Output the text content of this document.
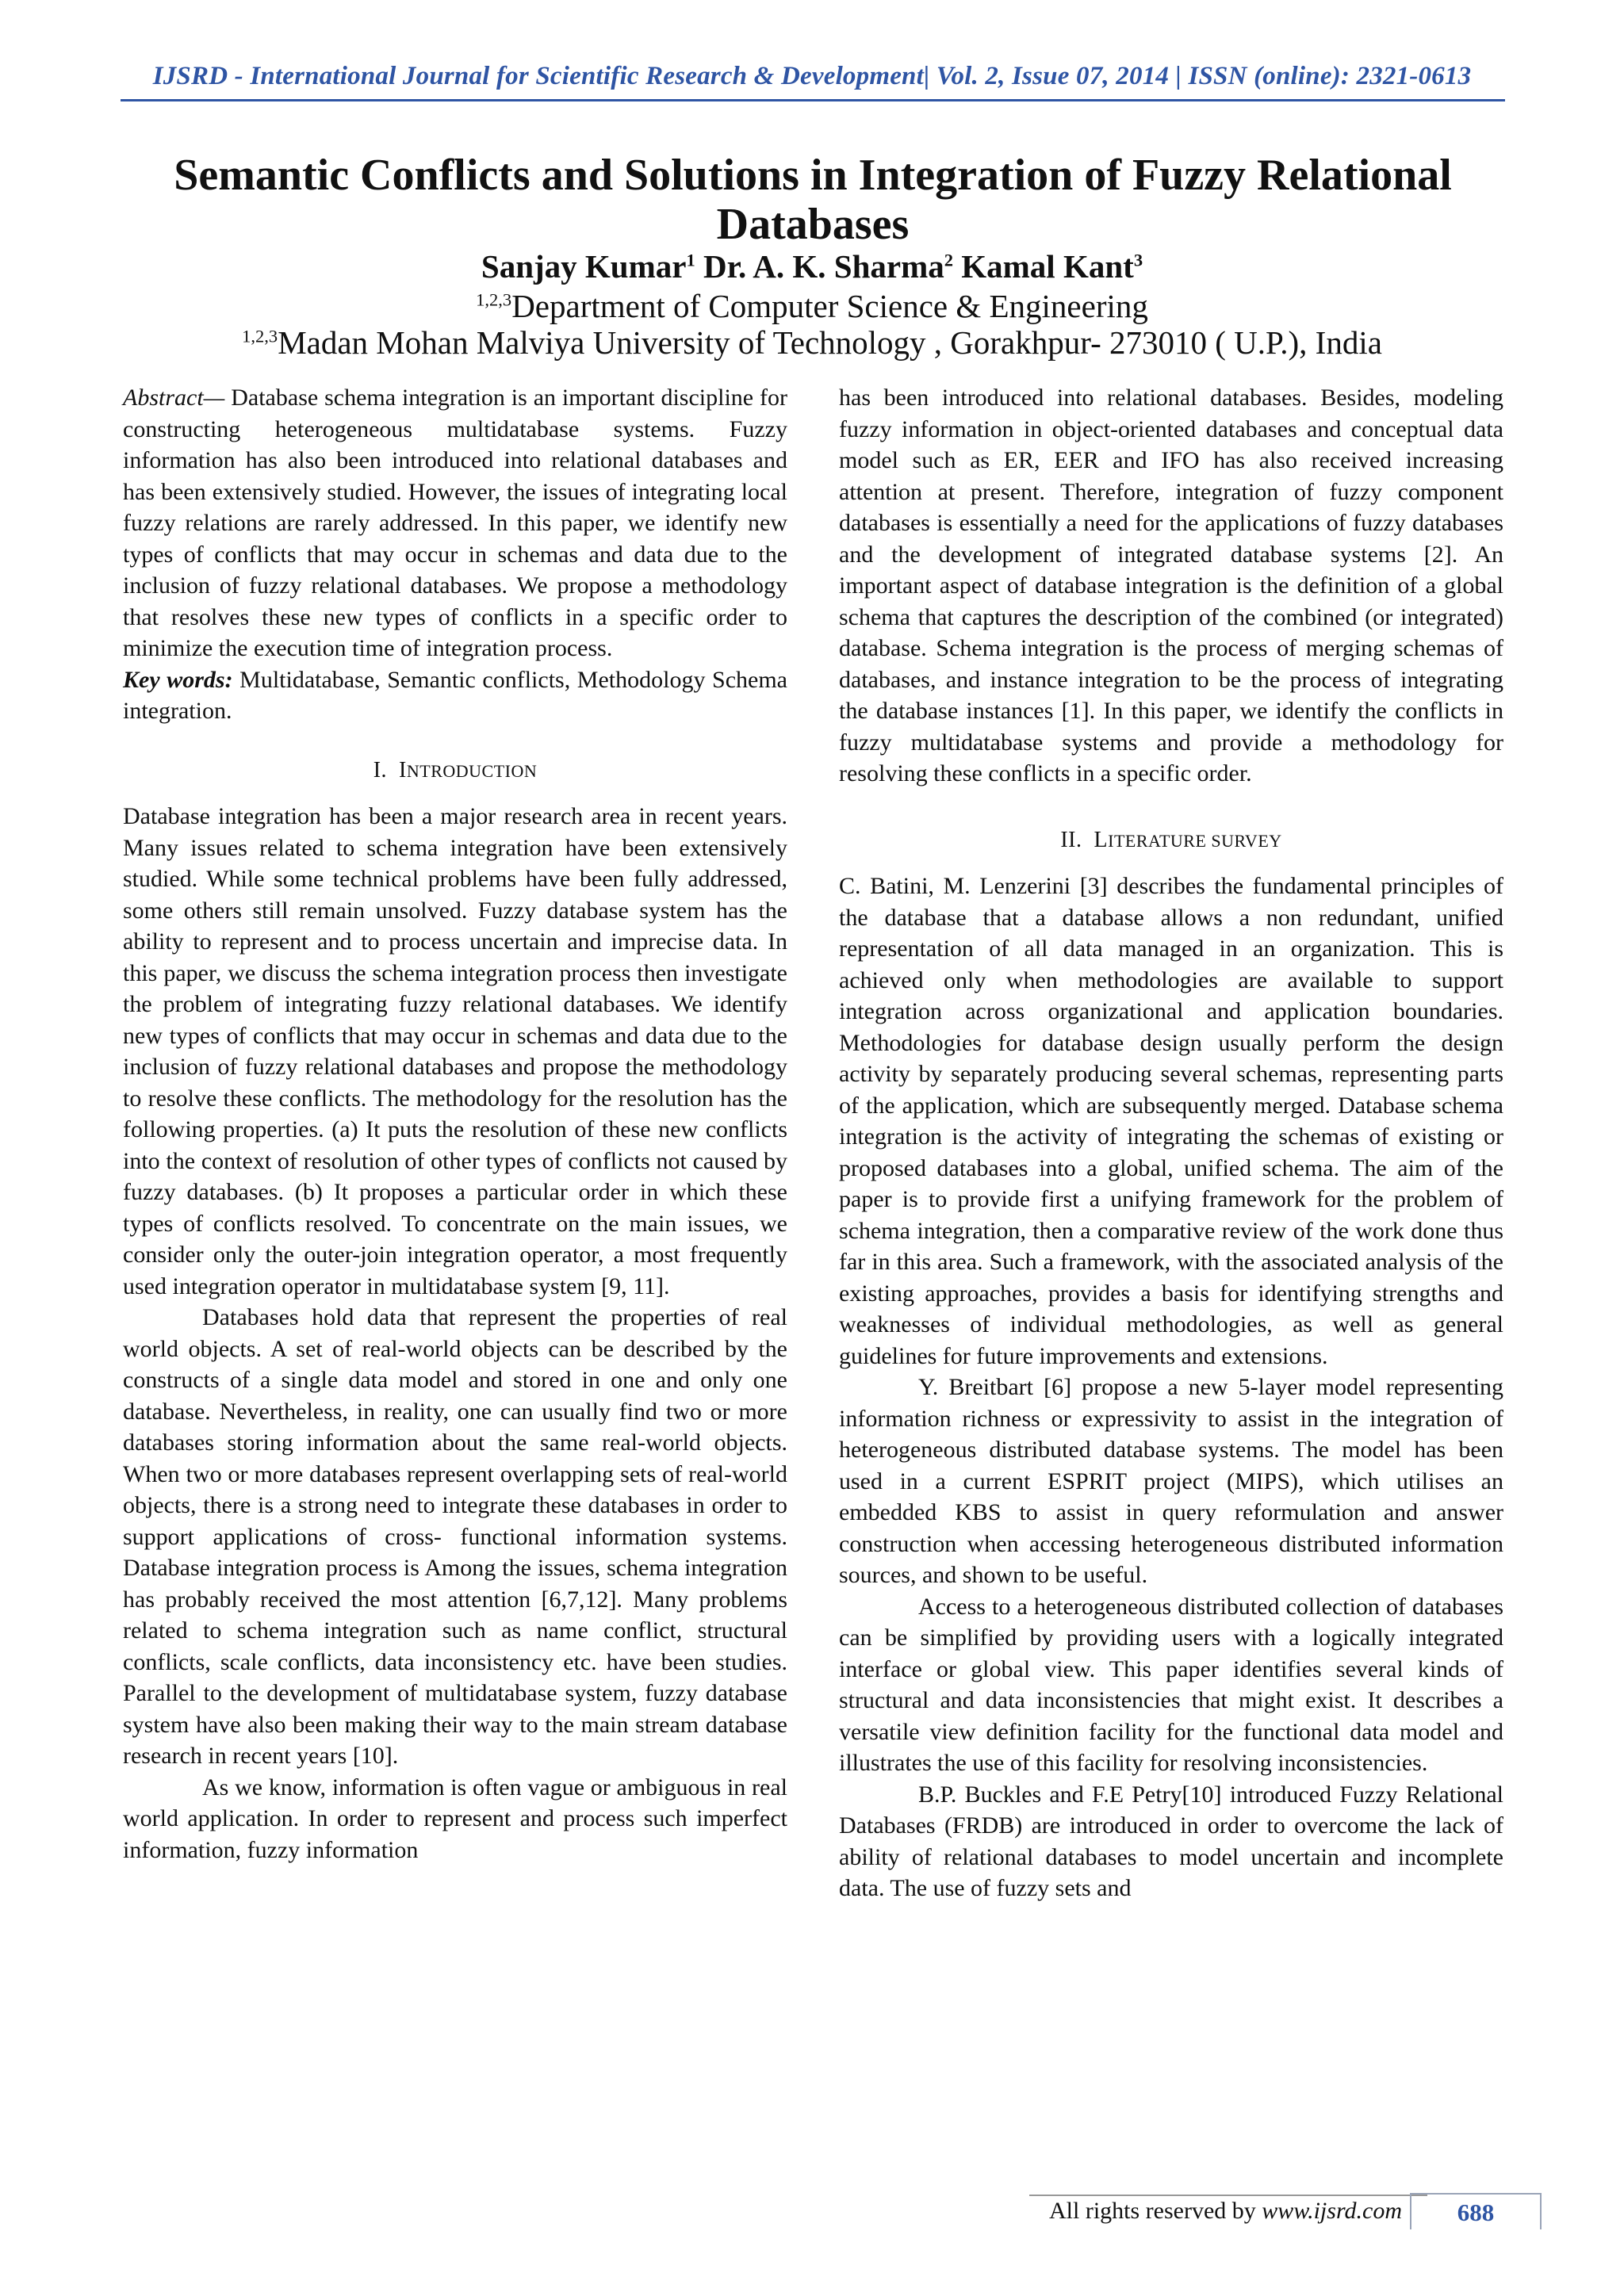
IJSRD - International Journal for Scientific Research & Development| Vol. 2, Issue 07, 2014 | ISSN (online): 2321-0613
Semantic Conflicts and Solutions in Integration of Fuzzy Relational Databases
Sanjay Kumar$^1$ Dr. A. K. Sharma$^2$ Kamal Kant$^3$
$^{1,2,3}$Department of Computer Science & Engineering
$^{1,2,3}$Madan Mohan Malviya University of Technology , Gorakhpur- 273010 ( U.P.), India

Abstract— Database schema integration is an important discipline for constructing heterogeneous multidatabase systems. Fuzzy information has also been introduced into relational databases and has been extensively studied. However, the issues of integrating local fuzzy relations are rarely addressed. In this paper, we identify new types of conflicts that may occur in schemas and data due to the inclusion of fuzzy relational databases. We propose a methodology that resolves these new types of conflicts in a specific order to minimize the execution time of integration process.

Key words: Multidatabase, Semantic conflicts, Methodology Schema integration.

I. INTRODUCTION

Database integration has been a major research area in recent years. Many issues related to schema integration have been extensively studied. While some technical problems have been fully addressed, some others still remain unsolved. Fuzzy database system has the ability to represent and to process uncertain and imprecise data. In this paper, we discuss the schema integration process then investigate the problem of integrating fuzzy relational databases. We identify new types of conflicts that may occur in schemas and data due to the inclusion of fuzzy relational databases and propose the methodology to resolve these conflicts. The methodology for the resolution has the following properties. (a) It puts the resolution of these new conflicts into the context of resolution of other types of conflicts not caused by fuzzy databases. (b) It proposes a particular order in which these types of conflicts resolved. To concentrate on the main issues, we consider only the outer-join integration operator, a most frequently used integration operator in multidatabase system [9, 11].

Databases hold data that represent the properties of real world objects. A set of real-world objects can be described by the constructs of a single data model and stored in one and only one database. Nevertheless, in reality, one can usually find two or more databases storing information about the same real-world objects. When two or more databases represent overlapping sets of real-world objects, there is a strong need to integrate these databases in order to support applications of cross- functional information systems. Database integration process is Among the issues, schema integration has probably received the most attention [6,7,12]. Many problems related to schema integration such as name conflict, structural conflicts, scale conflicts, data inconsistency etc. have been studies. Parallel to the development of multidatabase system, fuzzy database system have also been making their way to the main stream database research in recent years [10].

As we know, information is often vague or ambiguous in real world application. In order to represent and process such imperfect information, fuzzy information

has been introduced into relational databases. Besides, modeling fuzzy information in object-oriented databases and conceptual data model such as ER, EER and IFO has also received increasing attention at present. Therefore, integration of fuzzy component databases is essentially a need for the applications of fuzzy databases and the development of integrated database systems [2]. An important aspect of database integration is the definition of a global schema that captures the description of the combined (or integrated) database. Schema integration is the process of merging schemas of databases, and instance integration to be the process of integrating the database instances [1]. In this paper, we identify the conflicts in fuzzy multidatabase systems and provide a methodology for resolving these conflicts in a specific order.

II. LITERATURE SURVEY

C. Batini, M. Lenzerini [3] describes the fundamental principles of the database that a database allows a non redundant, unified representation of all data managed in an organization. This is achieved only when methodologies are available to support integration across organizational and application boundaries. Methodologies for database design usually perform the design activity by separately producing several schemas, representing parts of the application, which are subsequently merged. Database schema integration is the activity of integrating the schemas of existing or proposed databases into a global, unified schema. The aim of the paper is to provide first a unifying framework for the problem of schema integration, then a comparative review of the work done thus far in this area. Such a framework, with the associated analysis of the existing approaches, provides a basis for identifying strengths and weaknesses of individual methodologies, as well as general guidelines for future improvements and extensions.

Y. Breitbart [6] propose a new 5-layer model representing information richness or expressivity to assist in the integration of heterogeneous distributed database systems. The model has been used in a current ESPRIT project (MIPS), which utilises an embedded KBS to assist in query reformulation and answer construction when accessing heterogeneous distributed information sources, and shown to be useful.

Access to a heterogeneous distributed collection of databases can be simplified by providing users with a logically integrated interface or global view. This paper identifies several kinds of structural and data inconsistencies that might exist. It describes a versatile view definition facility for the functional data model and illustrates the use of this facility for resolving inconsistencies.

B.P. Buckles and F.E Petry[10] introduced Fuzzy Relational Databases (FRDB) are introduced in order to overcome the lack of ability of relational databases to model uncertain and incomplete data. The use of fuzzy sets and

All rights reserved by www.ijsrd.com	688
